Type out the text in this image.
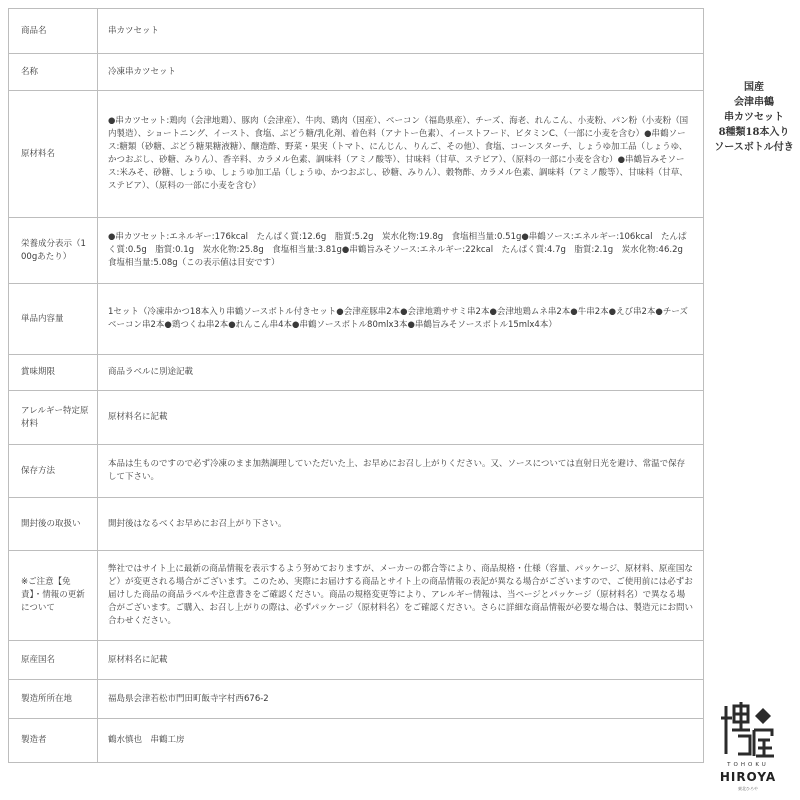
商品名	串カツセット
名称	冷凍串カツセット
原材料名	●串カツセット:鶏肉（会津地鶏）、豚肉（会津産）、牛肉、鶏肉（国産）、ベーコン（福島県産）、チーズ、海老、れんこん、小麦粉、パン粉（小麦粉（国内製造）、ショートニング、イースト、食塩、ぶどう糖/乳化剤、着色料（アナトー色素）、イーストフード、ビタミンC、（一部に小麦を含む）●串鶴ソース:糖類（砂糖、ぶどう糖果糖液糖）、醸造酢、野菜・果実（トマト、にんじん、りんご、その他）、食塩、コーンスターチ、しょうゆ加工品（しょうゆ、かつおぶし、砂糖、みりん）、香辛料、カラメル色素、調味料（アミノ酸等）、甘味料（甘草、ステビア）、（原料の一部に小麦を含む）●串鶴旨みそソース:米みそ、砂糖、しょうゆ、しょうゆ加工品（しょうゆ、かつおぶし、砂糖、みりん）、穀物酢、カラメル色素、調味料（アミノ酸等）、甘味料（甘草、ステビア）、（原料の一部に小麦を含む）
栄養成分表示（100gあたり）	●串カツセット:エネルギー:176kcal　たんぱく質:12.6g　脂質:5.2g　炭水化物:19.8g　食塩相当量:0.51g●串鶴ソース:エネルギー:106kcal　たんぱく質:0.5g　脂質:0.1g　炭水化物:25.8g　食塩相当量:3.81g●串鶴旨みそソース:エネルギー:22kcal　たんぱく質:4.7g　脂質:2.1g　炭水化物:46.2g　食塩相当量:5.08g（この表示値は目安です）
単品内容量	1セット（冷凍串かつ18本入り串鶴ソースボトル付きセット●会津産豚串2本●会津地鶏ササミ串2本●会津地鶏ムネ串2本●牛串2本●えび串2本●チーズベーコン串2本●鶏つくね串2本●れんこん串4本●串鶴ソースボトル80mlx3本●串鶴旨みそソースボトル15mlx4本）
賞味期限	商品ラベルに別途記載
アレルギー特定原材料	原材料名に記載
保存方法	本品は生ものですので必ず冷凍のまま加熱調理していただいた上、お早めにお召し上がりください。又、ソースについては直射日光を避け、常温で保存して下さい。
開封後の取扱い	開封後はなるべくお早めにお召上がり下さい。
※ご注意【免責】・情報の更新について	弊社ではサイト上に最新の商品情報を表示するよう努めておりますが、メーカーの都合等により、商品規格・仕様（容量、パッケージ、原材料、原産国など）が変更される場合がございます。このため、実際にお届けする商品とサイト上の商品情報の表記が異なる場合がございますので、ご使用前には必ずお届けした商品の商品ラベルや注意書きをご確認ください。商品の規格変更等により、アレルギー情報は、当ページとパッケージ（原材料名）で異なる場合がございます。ご購入、お召し上がりの際は、必ずパッケージ（原材料名）をご確認ください。さらに詳細な商品情報が必要な場合は、製造元にお問い合わせください。
原産国名	原材料名に記載
製造所所在地	福島県会津若松市門田町飯寺字村西676-2
製造者	鶴水慎也　串鶴工房
国産
会津串鶴
串カツセット
8種類18本入り
ソースボトル付き
TOHOKU
HIROYA
東北ひろや
